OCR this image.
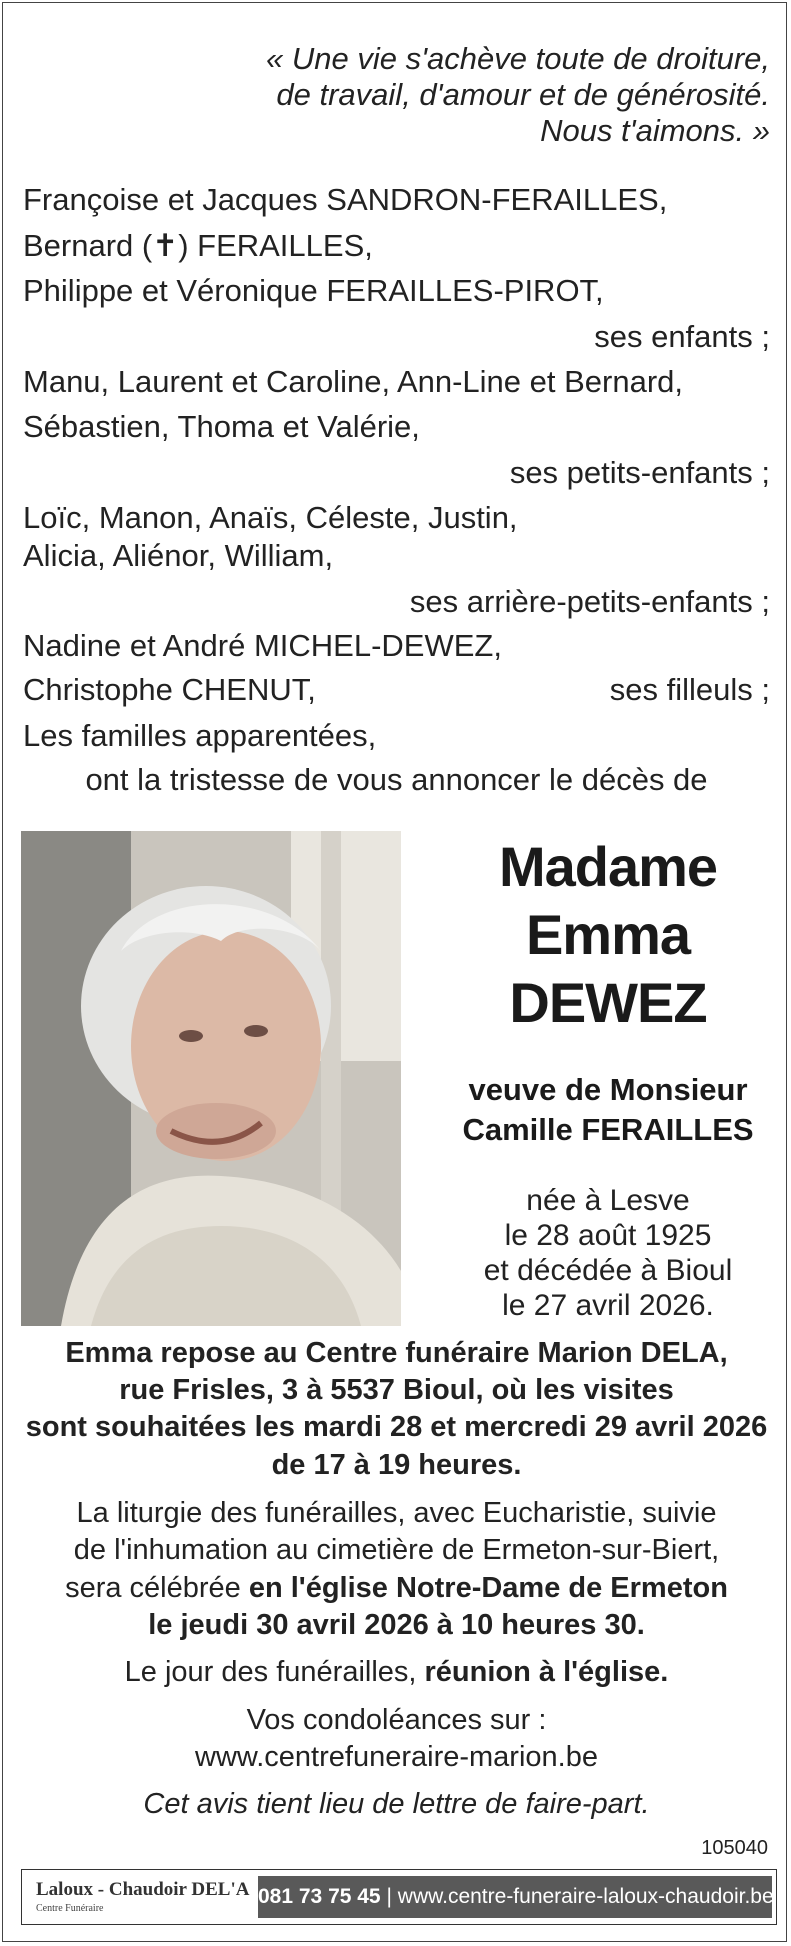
« Une vie s'achève toute de droiture,
de travail, d'amour et de générosité.
Nous t'aimons. »
Françoise et Jacques SANDRON-FERAILLES,
Bernard (✝) FERAILLES,
Philippe et Véronique FERAILLES-PIROT,
ses enfants ;
Manu, Laurent et Caroline, Ann-Line et Bernard,
Sébastien, Thoma et Valérie,
ses petits-enfants ;
Loïc, Manon, Anaïs, Céleste, Justin,
Alicia, Aliénor, William,
ses arrière-petits-enfants ;
Nadine et André MICHEL-DEWEZ,
Christophe CHENUT,	ses filleuls ;
Les familles apparentées,
ont la tristesse de vous annoncer le décès de
Madame
Emma
DEWEZ
veuve de Monsieur
Camille FERAILLES
née à Lesve
le 28 août 1925
et décédée à Bioul
le 27 avril 2026.
Emma repose au Centre funéraire Marion DELA,
rue Frisles, 3 à 5537 Bioul, où les visites
sont souhaitées les mardi 28 et mercredi 29 avril 2026
de 17 à 19 heures.
La liturgie des funérailles, avec Eucharistie, suivie
de l'inhumation au cimetière de Ermeton-sur-Biert,
sera célébrée en l'église Notre-Dame de Ermeton
le jeudi 30 avril 2026 à 10 heures 30.
Le jour des funérailles, réunion à l'église.
Vos condoléances sur :
www.centrefuneraire-marion.be
Cet avis tient lieu de lettre de faire-part.
105040
Laloux - Chaudoir DEL'A
Centre Funéraire
081 73 75 45 | www.centre-funeraire-laloux-chaudoir.be
